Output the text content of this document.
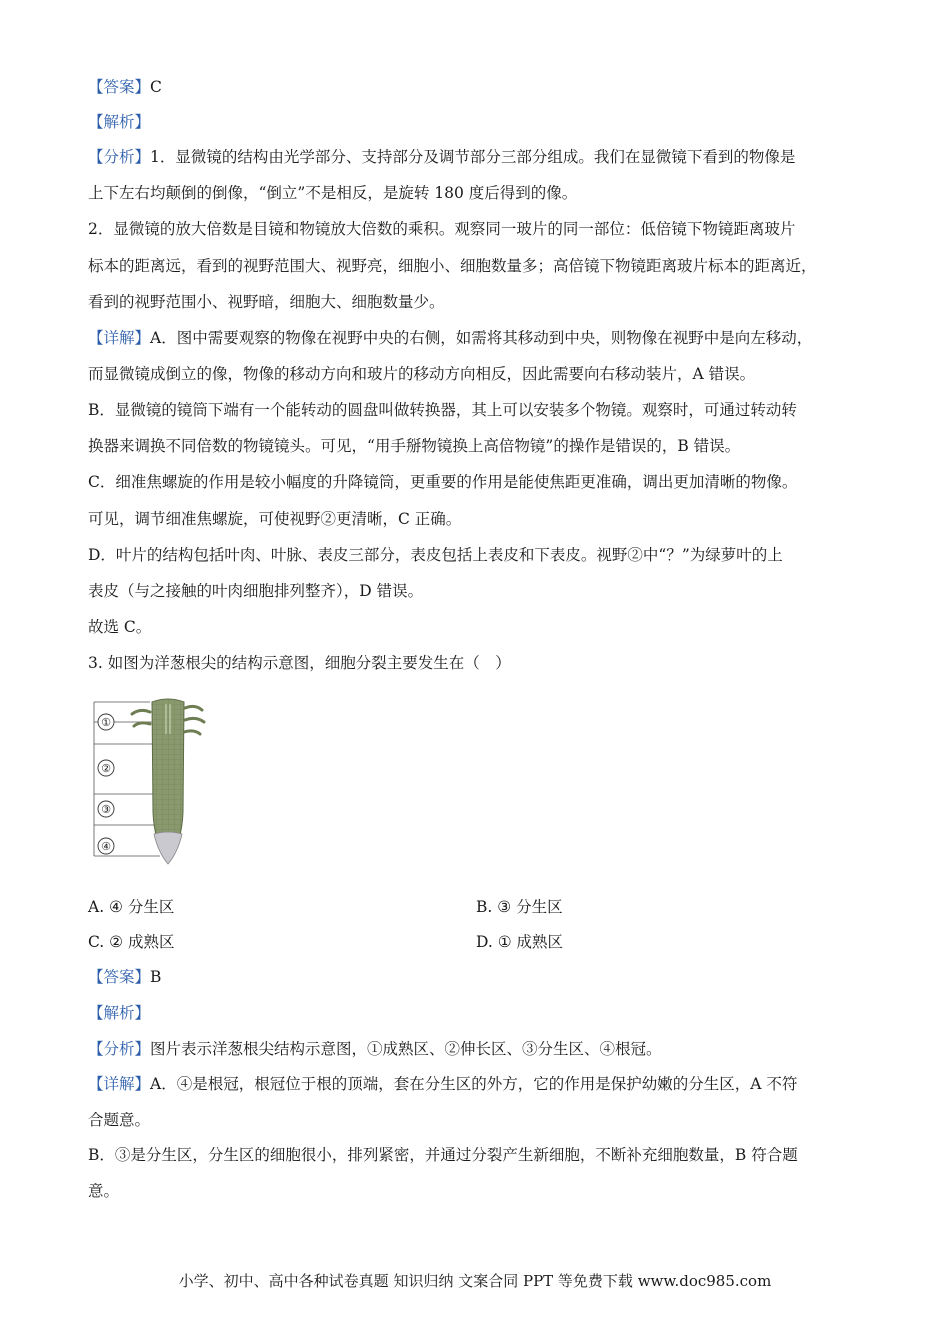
【答案】C
【解析】
【分析】1．显微镜的结构由光学部分、支持部分及调节部分三部分组成。我们在显微镜下看到的物像是
上下左右均颠倒的倒像，“倒立”不是相反，是旋转 180 度后得到的像。
2．显微镜的放大倍数是目镜和物镜放大倍数的乘积。观察同一玻片的同一部位：低倍镜下物镜距离玻片
标本的距离远，看到的视野范围大、视野亮，细胞小、细胞数量多；高倍镜下物镜距离玻片标本的距离近，
看到的视野范围小、视野暗，细胞大、细胞数量少。
【详解】A．图中需要观察的物像在视野中央的右侧，如需将其移动到中央，则物像在视野中是向左移动，
而显微镜成倒立的像，物像的移动方向和玻片的移动方向相反，因此需要向右移动装片，A 错误。
B．显微镜的镜筒下端有一个能转动的圆盘叫做转换器，其上可以安装多个物镜。观察时，可通过转动转
换器来调换不同倍数的物镜镜头。可见，“用手掰物镜换上高倍物镜”的操作是错误的，B 错误。
C．细准焦螺旋的作用是较小幅度的升降镜筒，更重要的作用是能使焦距更准确，调出更加清晰的物像。
可见，调节细准焦螺旋，可使视野②更清晰，C 正确。
D．叶片的结构包括叶肉、叶脉、表皮三部分，表皮包括上表皮和下表皮。视野②中“？”为绿萝叶的上
表皮（与之接触的叶肉细胞排列整齐），D 错误。
故选 C。
3. 如图为洋葱根尖的结构示意图，细胞分裂主要发生在（　）
①
②
③
④
A. ④ 分生区	B. ③ 分生区
C. ② 成熟区	D. ① 成熟区
【答案】B
【解析】
【分析】图片表示洋葱根尖结构示意图，①成熟区、②伸长区、③分生区、④根冠。
【详解】A．④是根冠，根冠位于根的顶端，套在分生区的外方，它的作用是保护幼嫩的分生区，A 不符
合题意。
B．③是分生区，分生区的细胞很小，排列紧密，并通过分裂产生新细胞，不断补充细胞数量，B 符合题
意。
小学、初中、高中各种试卷真题 知识归纳 文案合同 PPT 等免费下载 www.doc985.com
